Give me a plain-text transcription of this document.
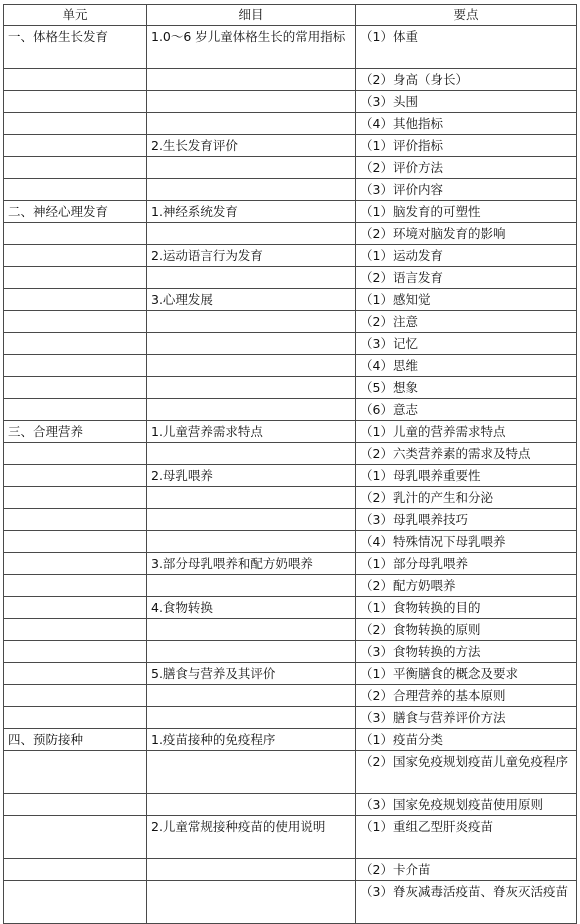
单元	细目	要点
一、体格生长发育	1.0～6 岁儿童体格生长的常用指标	（1）体重
		（2）身高（身长）
		（3）头围
		（4）其他指标
	2.生长发育评价	（1）评价指标
		（2）评价方法
		（3）评价内容
二、神经心理发育	1.神经系统发育	（1）脑发育的可塑性
		（2）环境对脑发育的影响
	2.运动语言行为发育	（1）运动发育
		（2）语言发育
	3.心理发展	（1）感知觉
		（2）注意
		（3）记忆
		（4）思维
		（5）想象
		（6）意志
三、合理营养	1.儿童营养需求特点	（1）儿童的营养需求特点
		（2）六类营养素的需求及特点
	2.母乳喂养	（1）母乳喂养重要性
		（2）乳汁的产生和分泌
		（3）母乳喂养技巧
		（4）特殊情况下母乳喂养
	3.部分母乳喂养和配方奶喂养	（1）部分母乳喂养
		（2）配方奶喂养
	4.食物转换	（1）食物转换的目的
		（2）食物转换的原则
		（3）食物转换的方法
	5.膳食与营养及其评价	（1）平衡膳食的概念及要求
		（2）合理营养的基本原则
		（3）膳食与营养评价方法
四、预防接种	1.疫苗接种的免疫程序	（1）疫苗分类
		（2）国家免疫规划疫苗儿童免疫程序
		（3）国家免疫规划疫苗使用原则
	2.儿童常规接种疫苗的使用说明	（1）重组乙型肝炎疫苗
		（2）卡介苗
		（3）脊灰减毒活疫苗、脊灰灭活疫苗
